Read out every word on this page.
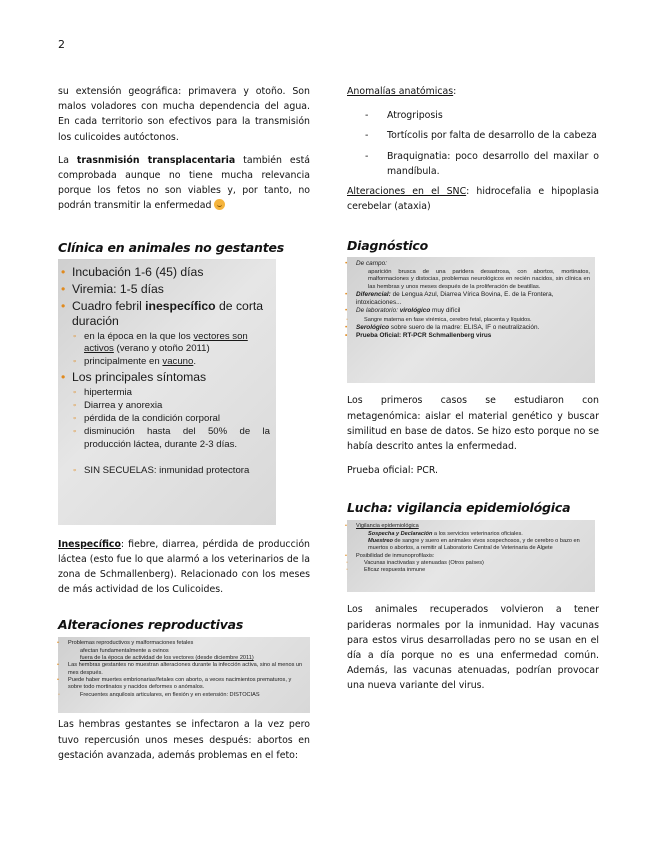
2

su extensión geográfica: primavera y otoño. Son malos voladores con mucha dependencia del agua. En cada territorio son efectivos para la transmisión los culicoides autóctonos.

La trasnmisión transplacentaria también está comprobada aunque no tiene mucha relevancia porque los fetos no son viables y, por tanto, no podrán transmitir la enfermedad

Clínica en animales no gestantes
• Incubación 1-6 (45) días
• Viremia: 1-5 días
• Cuadro febril inespecífico de corta duración
◦ en la época en la que los vectores son activos (verano y otoño 2011)
◦ principalmente en vacuno.
• Los principales síntomas
◦ hipertermia
◦ Diarrea y anorexia
◦ pérdida de la condición corporal
◦ disminución hasta del 50% de la producción láctea, durante 2-3 días.
◦ SIN SECUELAS: inmunidad protectora

Inespecífico: fiebre, diarrea, pérdida de producción láctea (esto fue lo que alarmó a los veterinarios de la zona de Schmallenberg). Relacionado con los meses de más actividad de los Culicoides.

Alteraciones reproductivas
• Problemas reproductivos y malformaciones fetales
afectan fundamentalmente a ovinos
fuera de la época de actividad de los vectores (desde diciembre 2011)
• Las hembras gestantes no muestran alteraciones durante la infección activa, sino al menos un mes después.
• Puede haber muertes embrionarias/fetales con aborto, a veces nacimientos prematuros, y sobre todo mortinatos y nacidos deformes o anómalos.
◦ Frecuentes anquilosis articulares, en flexión y en extensión: DISTOCIAS

Las hembras gestantes se infectaron a la vez pero tuvo repercusión unos meses después: abortos en gestación avanzada, además problemas en el feto:

Anomalías anatómicas:

- Atrogriposis
- Tortícolis por falta de desarrollo de la cabeza
- Braquignatia: poco desarrollo del maxilar o mandíbula.

Alteraciones en el SNC: hidrocefalia e hipoplasia cerebelar (ataxia)

Diagnóstico
• De campo:
aparición brusca de una paridera desastrosa, con abortos, mortinatos, malformaciones y distocias, problemas neurológicos en recién nacidos, sin clínica en las hembras y unos meses después de la proliferación de beatillas.
• Diferencial: de Lengua Azul, Diarrea Vírica Bovina, E. de la Frontera, intoxicaciones...
• De laboratorio: virológico muy difícil
◦ Sangre materna en fase virémica, cerebro fetal, placenta y líquidos.
• Serológico sobre suero de la madre: ELISA, IF o neutralización.
• Prueba Oficial: RT-PCR Schmallenberg virus

Los primeros casos se estudiaron con metagenómica: aislar el material genético y buscar similitud en base de datos. Se hizo esto porque no se había descrito antes la enfermedad.

Prueba oficial: PCR.

Lucha: vigilancia epidemiológica
• Vigilancia epidemiológica
Sospecha y Declaración a los servicios veterinarios oficiales.
Muestreo de sangre y suero en animales vivos sospechosos, y de cerebro o bazo en muertos o abortos, a remitir al Laboratorio Central de Veterinaria de Algete
• Posibilidad de inmunoprofilaxis:
◦ Vacunas inactivadas y atenuadas (Otros países)
◦ Eficaz respuesta inmune

Los animales recuperados volvieron a tener parideras normales por la inmunidad. Hay vacunas para estos virus desarrolladas pero no se usan en el día a día porque no es una enfermedad común. Además, las vacunas atenuadas, podrían provocar una nueva variante del virus.
